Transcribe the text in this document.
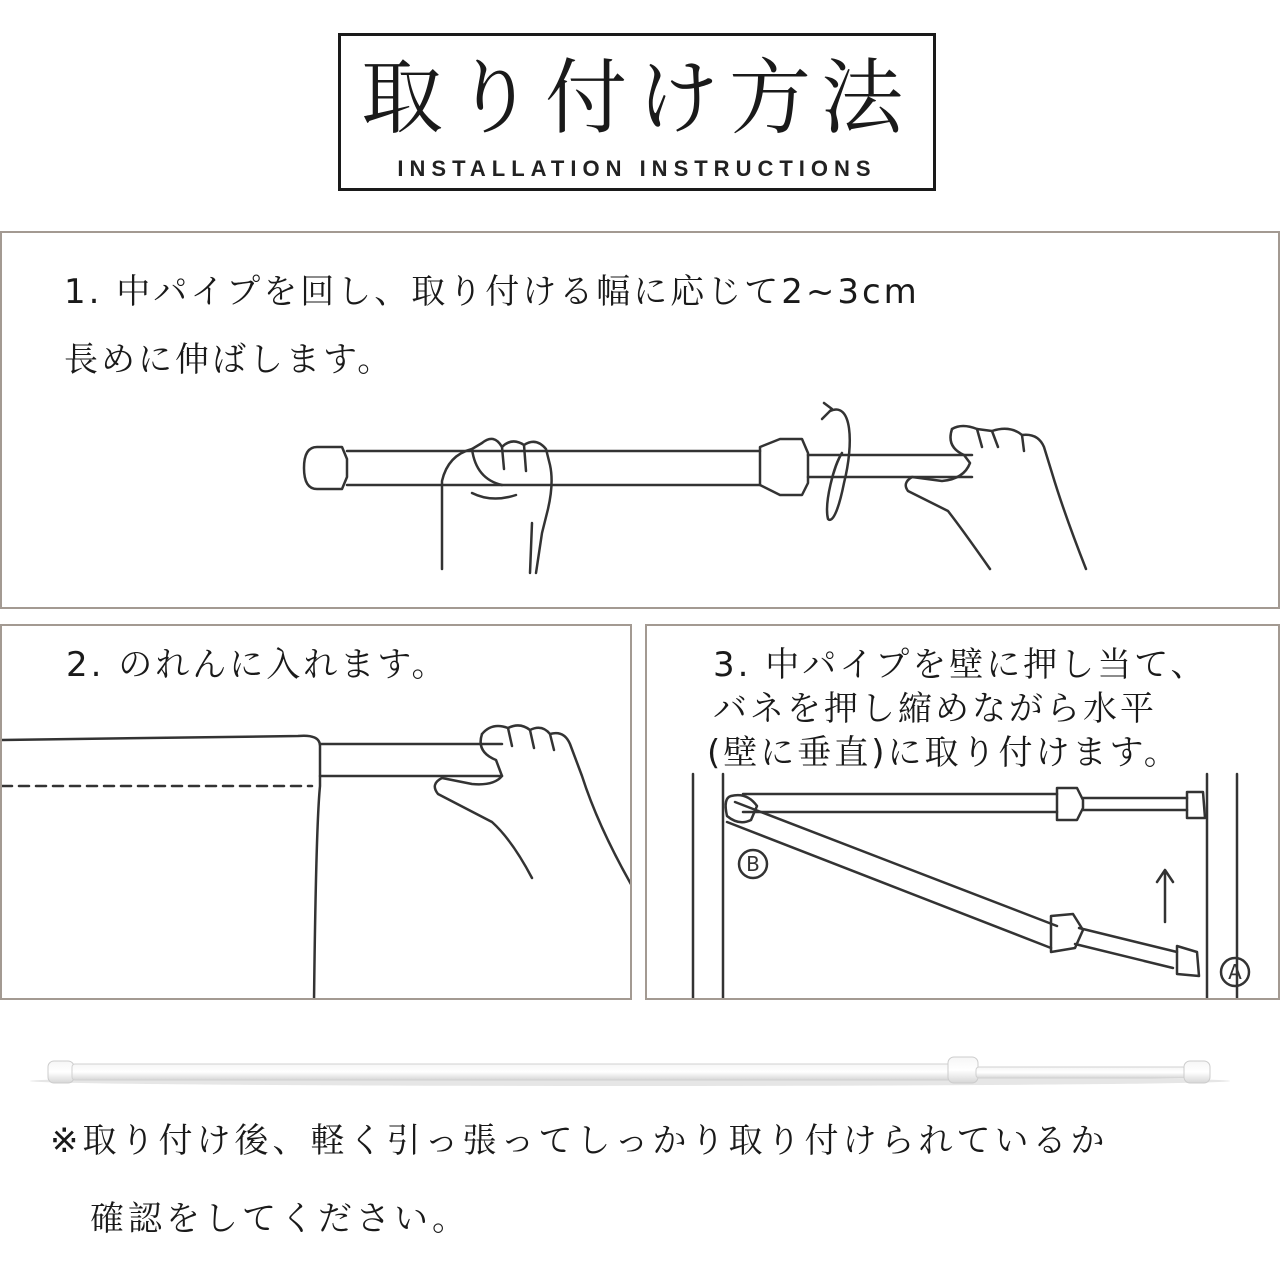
取り付け方法
INSTALLATION INSTRUCTIONS
1. 中パイプを回し、取り付ける幅に応じて2~3cm
長めに伸ばします。
2. のれんに入れます。	3. 中パイプを壁に押し当て、
バネを押し縮めながら水平
(壁に垂直)に取り付けます。
B
A
※取り付け後、軽く引っ張ってしっかり取り付けられているか
確認をしてください。
